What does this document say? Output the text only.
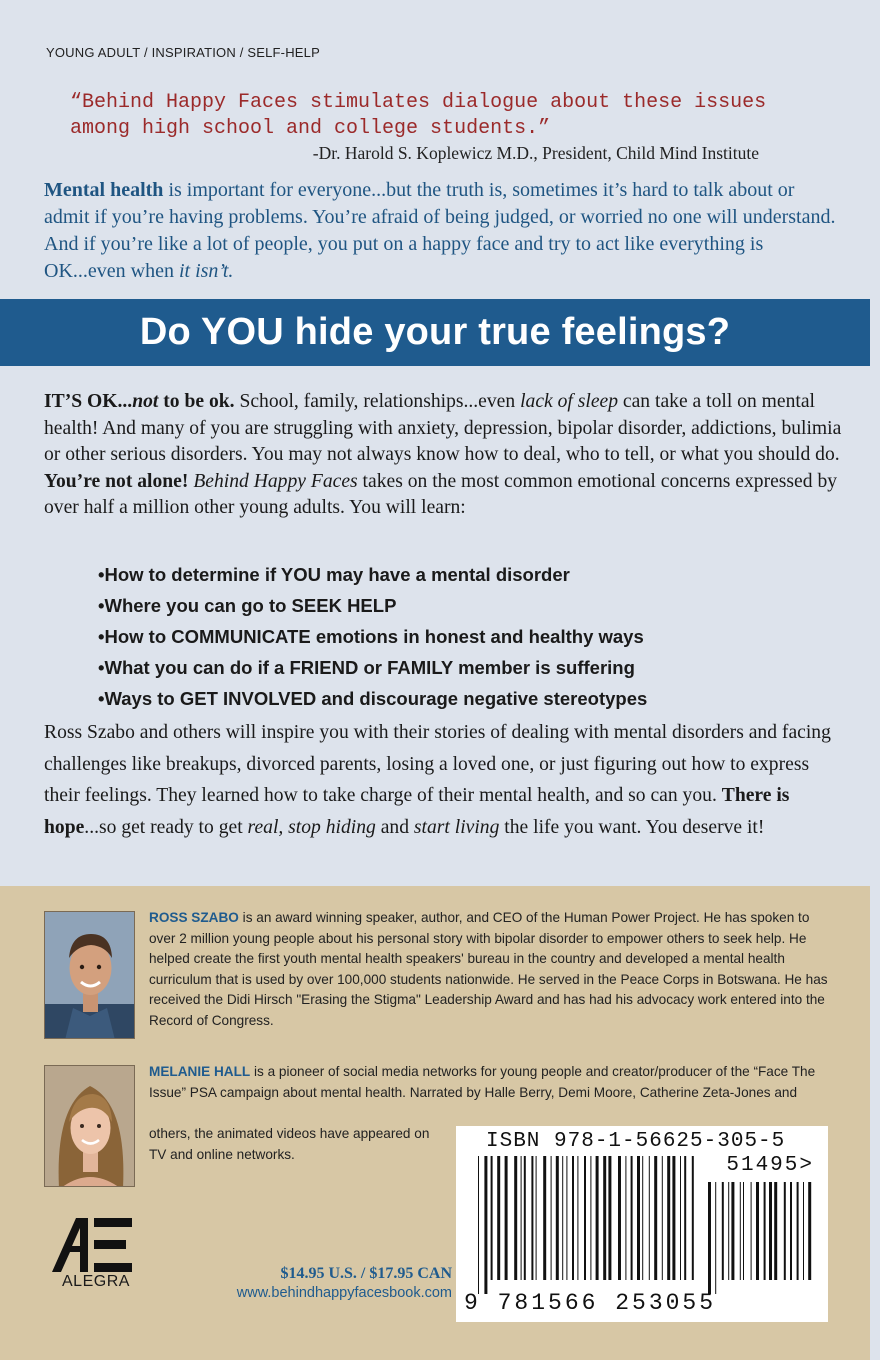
YOUNG ADULT / INSPIRATION / SELF-HELP
“Behind Happy Faces stimulates dialogue about these issues among high school and college students.”
-Dr. Harold S. Koplewicz M.D., President, Child Mind Institute

Mental health is important for everyone...but the truth is, sometimes it’s hard to talk about or admit if you’re having problems. You’re afraid of being judged, or worried no one will understand. And if you’re like a lot of people, you put on a happy face and try to act like everything is OK...even when it isn’t.

Do YOU hide your true feelings?

IT’S OK...not to be ok. School, family, relationships...even lack of sleep can take a toll on mental health! And many of you are struggling with anxiety, depression, bipolar disorder, addictions, bulimia or other serious disorders. You may not always know how to deal, who to tell, or what you should do. You’re not alone! Behind Happy Faces takes on the most common emotional concerns expressed by over half a million other young adults. You will learn:

•How to determine if YOU may have a mental disorder
•Where you can go to SEEK HELP
•How to COMMUNICATE emotions in honest and healthy ways
•What you can do if a FRIEND or FAMILY member is suffering
•Ways to GET INVOLVED and discourage negative stereotypes

Ross Szabo and others will inspire you with their stories of dealing with mental disorders and facing challenges like breakups, divorced parents, losing a loved one, or just figuring out how to express their feelings. They learned how to take charge of their mental health, and so can you. There is hope...so get ready to get real, stop hiding and start living the life you want. You deserve it!

ROSS SZABO is an award winning speaker, author, and CEO of the Human Power Project. He has spoken to over 2 million young people about his personal story with bipolar disorder to empower others to seek help. He helped create the first youth mental health speakers' bureau in the country and developed a mental health curriculum that is used by over 100,000 students nationwide. He served in the Peace Corps in Botswana. He has received the Didi Hirsch "Erasing the Stigma" Leadership Award and has had his advocacy work entered into the Record of Congress.

MELANIE HALL is a pioneer of social media networks for young people and creator/producer of the “Face The Issue” PSA campaign about mental health. Narrated by Halle Berry, Demi Moore, Catherine Zeta-Jones and

others, the animated videos have appeared on TV and online networks.

ISBN 978-1-56625-305-5
51495>
9 781566 253055
ALEGRA	$14.95 U.S. / $17.95 CAN
www.behindhappyfacesbook.com
